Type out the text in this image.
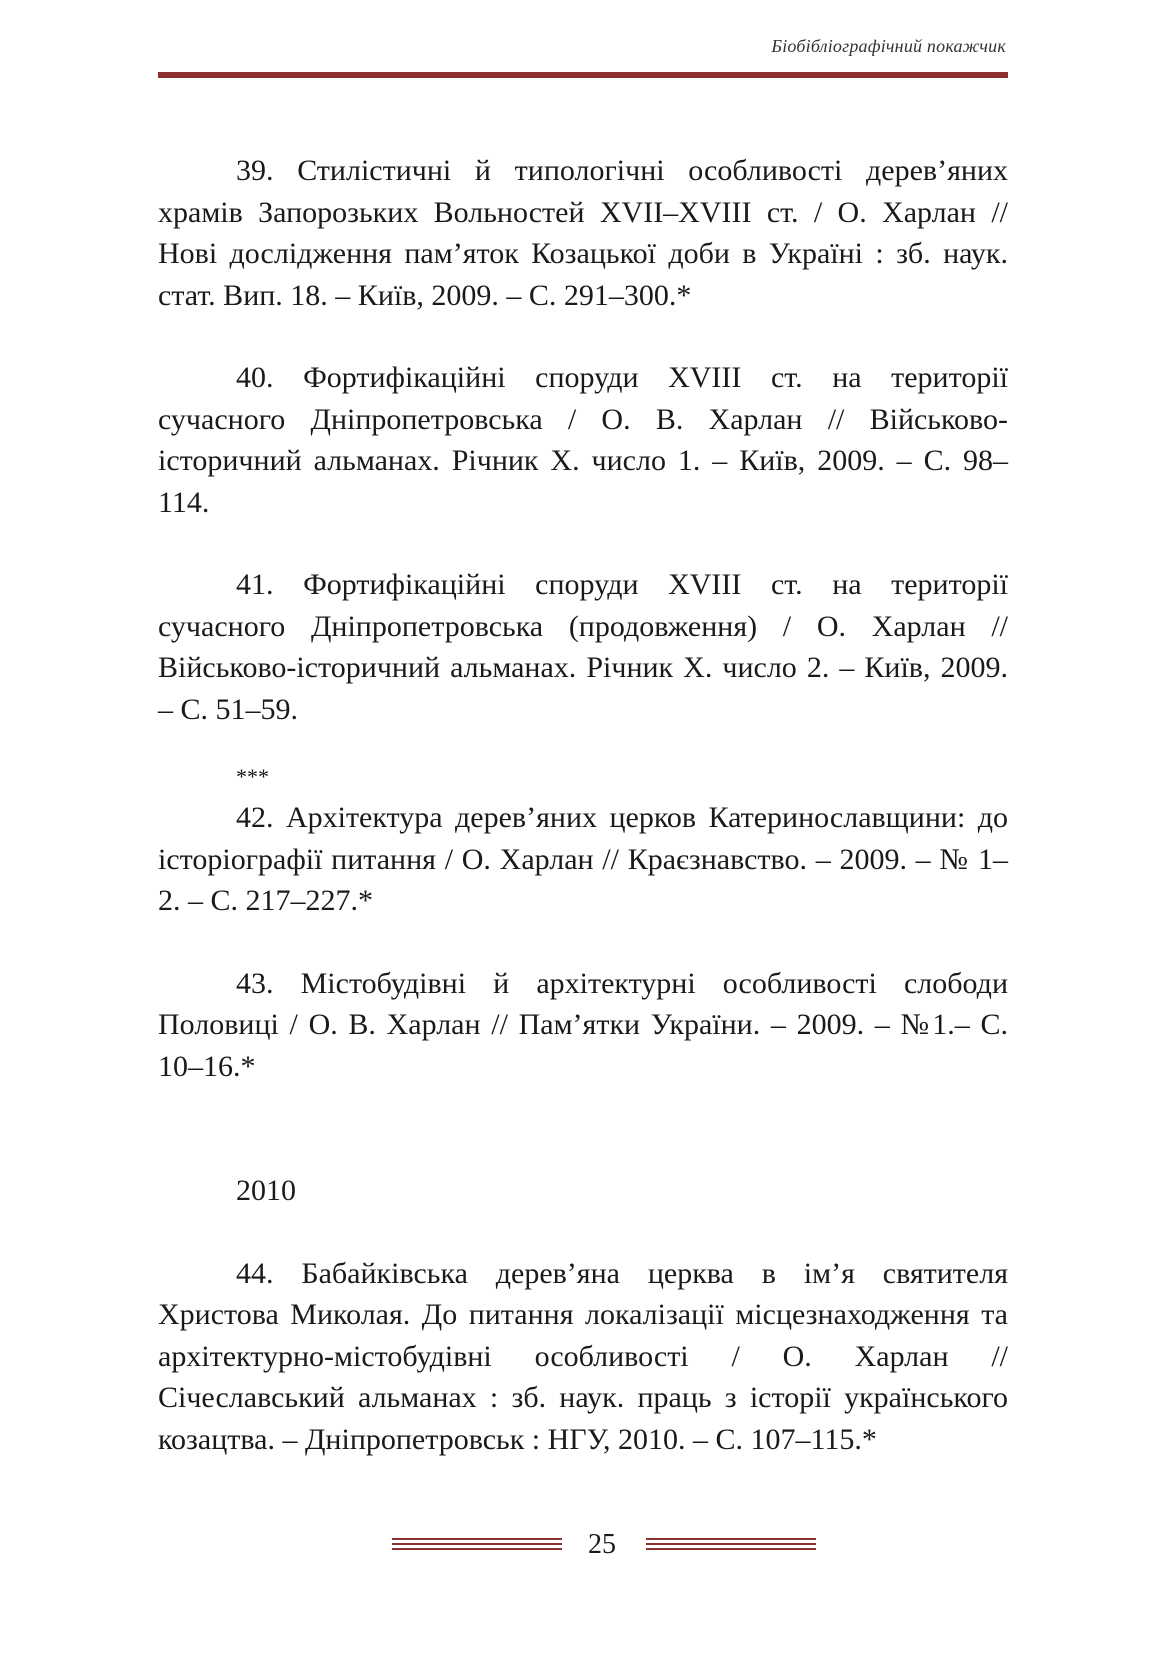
Біобібліографічний покажчик

39. Стилістичні й типологічні особливості дерев’яних храмів Запорозьких Вольностей XVII–XVIII ст. / О. Харлан // Нові дослідження пам’яток Козацької доби в Україні : зб. наук. стат. Вип. 18. – Київ, 2009. – С. 291–300.*

40. Фортифікаційні споруди XVIII ст. на території сучасного Дніпропетровська / О. В. Харлан // Військово-історичний альманах. Річник Х. число 1. – Київ, 2009. – С. 98–114.

41. Фортифікаційні споруди XVIII ст. на території сучасного Дніпропетровська (продовження) / О. Харлан // Військово-історичний альманах. Річник Х. число 2. – Київ, 2009. – С. 51–59.

***

42. Архітектура дерев’яних церков Катеринославщини: до історіографії питання / О. Харлан // Краєзнавство. – 2009. – № 1–2. – С. 217–227.*

43. Містобудівні й архітектурні особливості слободи Половиці / О. В. Харлан // Пам’ятки України. – 2009. – №1.– С. 10–16.*

2010

44. Бабайківська дерев’яна церква в ім’я святителя Христова Миколая. До питання локалізації місцезнаходження та архітектурно-містобудівні особливості / О. Харлан // Січеславський альманах : зб. наук. праць з історії українського козацтва. – Дніпропетровськ : НГУ, 2010. – С. 107–115.*

25
